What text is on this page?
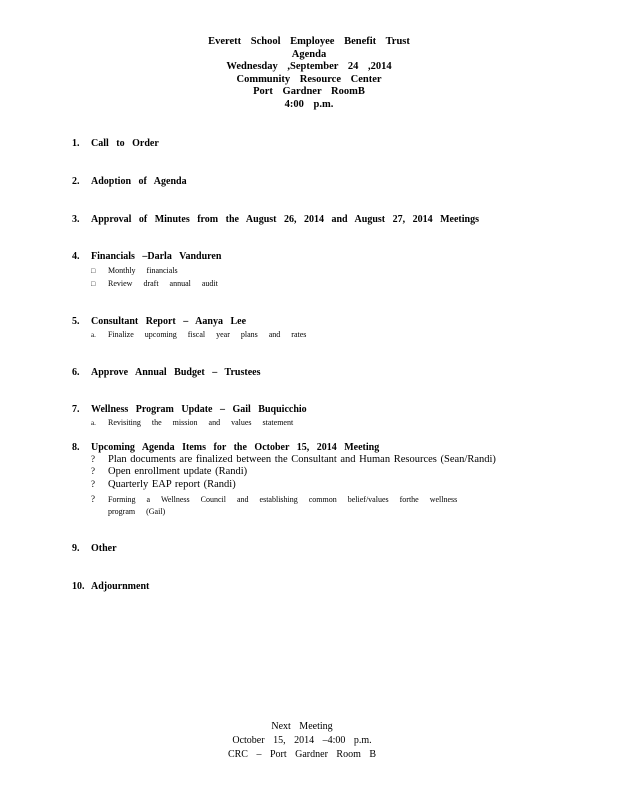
Everett School Employee Benefit Trust
Agenda
Wednesday ,September 24 ,2014
Community Resource Center
Port Gardner RoomB
4:00 p.m.
1. Call to Order
2. Adoption of Agenda
3. Approval of Minutes from the August 26, 2014 and August 27, 2014 Meetings
4. Financials –Darla Vanduren
□ Monthly financials
□ Review draft annual audit
5. Consultant Report – Aanya Lee
a. Finalize upcoming fiscal year plans and rates
6. Approve Annual Budget – Trustees
7. Wellness Program Update – Gail Buquicchio
a. Revisiting the mission and values statement
8. Upcoming Agenda Items for the October 15, 2014 Meeting
? Plan documents are finalized between the Consultant and Human Resources (Sean/Randi)
? Open enrollment update (Randi)
? Quarterly EAP report (Randi)
? Forming a Wellness Council and establishing common belief/values forthe wellness
program (Gail)
9. Other
10. Adjournment
Next Meeting
October 15, 2014 –4:00 p.m.
CRC – Port Gardner Room B
